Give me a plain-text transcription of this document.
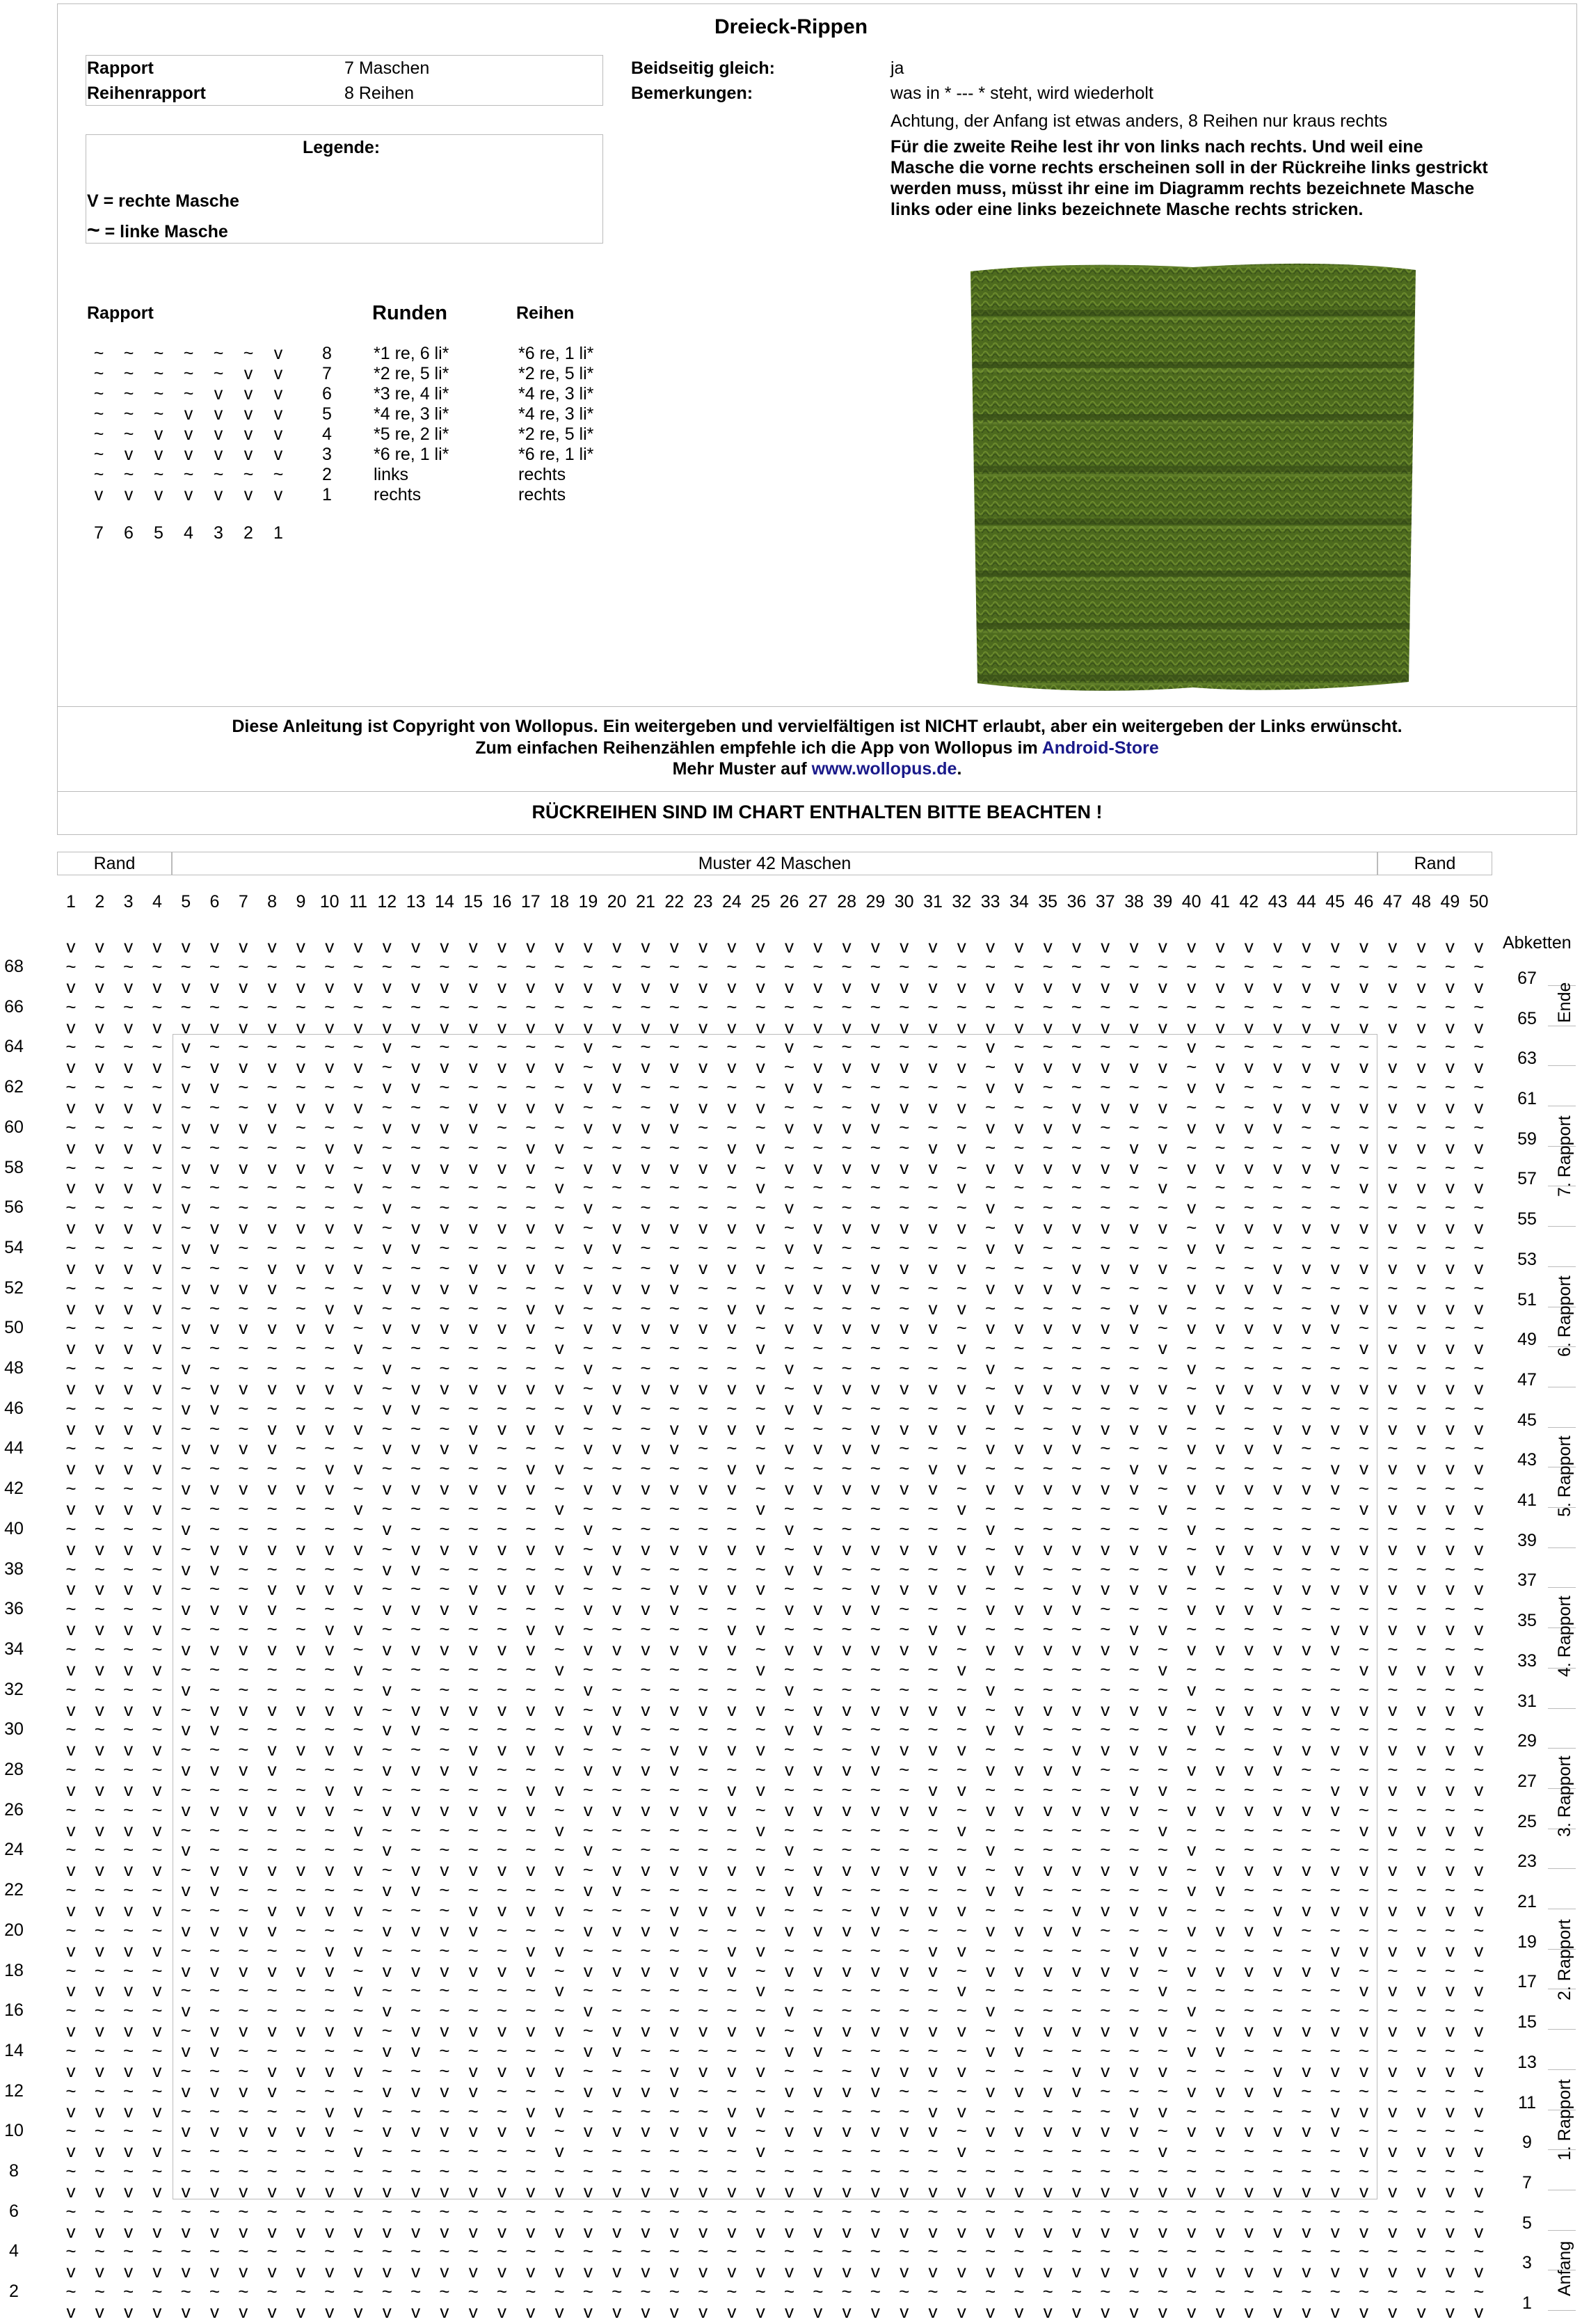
Dreieck-Rippen
Rapport	7 Maschen
Reihenrapport	8 Reihen
Beidseitig gleich:	ja
Bemerkungen:	was in * --- * steht, wird wiederholt
Achtung, der Anfang ist etwas anders, 8 Reihen nur kraus rechts
Für die zweite Reihe lest ihr von links nach rechts. Und weil eine Masche die vorne rechts erscheinen soll in der Rückreihe links gestrickt werden muss, müsst ihr eine im Diagramm rechts bezeichnete Masche links oder eine links bezeichnete Masche rechts stricken.
Legende:
V = rechte Masche
~ = linke Masche
Rapport	Runden	Reihen
~	~	~	~	~	~	v	8 *1 re, 6 li*	*6 re, 1 li*
~	~	~	~	~	v	v	7 *2 re, 5 li*	*2 re, 5 li*
~	~	~	~	v	v	v	6 *3 re, 4 li*	*4 re, 3 li*
~	~	~	v	v	v	v	5 *4 re, 3 li*	*4 re, 3 li*
~	~	v	v	v	v	v	4 *5 re, 2 li*	*2 re, 5 li*
~	v	v	v	v	v	v	3 *6 re, 1 li*	*6 re, 1 li*
~	~	~	~	~	~	~	2 links	rechts
v	v	v	v	v	v	v	1 rechts	rechts
7	6	5	4	3	2	1
Diese Anleitung ist Copyright von Wollopus. Ein weitergeben und vervielfältigen ist NICHT erlaubt, aber ein weitergeben der Links erwünscht.
Zum einfachen Reihenzählen empfehle ich die App von Wollopus im Android-Store
Mehr Muster auf www.wollopus.de.
RÜCKREIHEN SIND IM CHART ENTHALTEN BITTE BEACHTEN !
Rand	Muster 42 Maschen	Rand
Abketten
1	2	3	4	5	6	7	8	9 10 11 12 13 14 15 16 17 18 19 20 21 22 23 24 25 26 27 28 29 30 31 32 33 34 35 36 37 38 39 40 41 42 43 44 45 46 47 48 49 50
v	v	v	v	v	v	v	v	v	v	v	v	v	v	v	v	v	v	v	v	v	v	v	v	v	v	v	v	v	v	v	v	v	v	v	v	v	v	v	v	v	v	v	v	v	v	v	v	v	v	1
~	~	~	~	~	~	~	~	~	~	~	~	~	~	~	~	~	~	~	~	~	~	~	~	~	~	~	~	~	~	~	~	~	~	~	~	~	~	~	~	~	~	~	~	~	~	~	~	~	~
2
v	v	v	v	v	v	v	v	v	v	v	v	v	v	v	v	v	v	v	v	v	v	v	v	v	v	v	v	v	v	v	v	v	v	v	v	v	v	v	v	v	v	v	v	v	v	v	v	v	v	3
~	~	~	~	~	~	~	~	~	~	~	~	~	~	~	~	~	~	~	~	~	~	~	~	~	~	~	~	~	~	~	~	~	~	~	~	~	~	~	~	~	~	~	~	~	~	~	~	~	~
4
v	v	v	v	v	v	v	v	v	v	v	v	v	v	v	v	v	v	v	v	v	v	v	v	v	v	v	v	v	v	v	v	v	v	v	v	v	v	v	v	v	v	v	v	v	v	v	v	v	v	5
~	~	~	~	~	~	~	~	~	~	~	~	~	~	~	~	~	~	~	~	~	~	~	~	~	~	~	~	~	~	~	~	~	~	~	~	~	~	~	~	~	~	~	~	~	~	~	~	~	~
6
v	v	v	v	v	v	v	v	v	v	v	v	v	v	v	v	v	v	v	v	v	v	v	v	v	v	v	v	v	v	v	v	v	v	v	v	v	v	v	v	v	v	v	v	v	v	v	v	v	v	7
~	~	~	~	~	~	~	~	~	~	~	~	~	~	~	~	~	~	~	~	~	~	~	~	~	~	~	~	~	~	~	~	~	~	~	~	~	~	~	~	~	~	~	~	~	~	~	~	~	~
8
v	v	v	v	~	~	~	~	~	~	v	~	~	~	~	~	~	v	~	~	~	~	~	~	v	~	~	~	~	~	~	v	~	~	~	~	~	~	v	~	~	~	~	~	~	v	v	v	v	v	9
~	~	~	~	v	v	v	v	v	v	~	v	v	v	v	v	v	~	v	v	v	v	v	v	~	v	v	v	v	v	v	~	v	v	v	v	v	v	~	v	v	v	v	v	v	~	~	~	~	~
10
v	v	v	v	~	~	~	~	~	v	v	~	~	~	~	~	v	v	~	~	~	~	~	v	v	~	~	~	~	~	v	v	~	~	~	~	~	v	v	~	~	~	~	~	v	v	v	v	v	v	11
~	~	~	~	v	v	v	v	~	~	~	v	v	v	v	~	~	~	v	v	v	v	~	~	~	v	v	v	v	~	~	~	v	v	v	v	~	~	~	v	v	v	v	~	~	~	~	~	~	~
12
v	v	v	v	~	~	~	v	v	v	v	~	~	~	v	v	v	v	~	~	~	v	v	v	v	~	~	~	v	v	v	v	~	~	~	v	v	v	v	~	~	~	v	v	v	v	v	v	v	v	13
~	~	~	~	v	v	~	~	~	~	~	v	v	~	~	~	~	~	v	v	~	~	~	~	~	v	v	~	~	~	~	~	v	v	~	~	~	~	~	v	v	~	~	~	~	~	~	~	~	~
14
v	v	v	v	~	v	v	v	v	v	v	~	v	v	v	v	v	v	~	v	v	v	v	v	v	~	v	v	v	v	v	v	~	v	v	v	v	v	v	~	v	v	v	v	v	v	v	v	v	v	15
~	~	~	~	v	~	~	~	~	~	~	v	~	~	~	~	~	~	v	~	~	~	~	~	~	v	~	~	~	~	~	~	v	~	~	~	~	~	~	v	~	~	~	~	~	~	~	~	~	~
16
v	v	v	v	~	~	~	~	~	~	v	~	~	~	~	~	~	v	~	~	~	~	~	~	v	~	~	~	~	~	~	v	~	~	~	~	~	~	v	~	~	~	~	~	~	v	v	v	v	v	17
~	~	~	~	v	v	v	v	v	v	~	v	v	v	v	v	v	~	v	v	v	v	v	v	~	v	v	v	v	v	v	~	v	v	v	v	v	v	~	v	v	v	v	v	v	~	~	~	~	~
18
v	v	v	v	~	~	~	~	~	v	v	~	~	~	~	~	v	v	~	~	~	~	~	v	v	~	~	~	~	~	v	v	~	~	~	~	~	v	v	~	~	~	~	~	v	v	v	v	v	v	19
~	~	~	~	v	v	v	v	~	~	~	v	v	v	v	~	~	~	v	v	v	v	~	~	~	v	v	v	v	~	~	~	v	v	v	v	~	~	~	v	v	v	v	~	~	~	~	~	~	~
20
v	v	v	v	~	~	~	v	v	v	v	~	~	~	v	v	v	v	~	~	~	v	v	v	v	~	~	~	v	v	v	v	~	~	~	v	v	v	v	~	~	~	v	v	v	v	v	v	v	v	21
~	~	~	~	v	v	~	~	~	~	~	v	v	~	~	~	~	~	v	v	~	~	~	~	~	v	v	~	~	~	~	~	v	v	~	~	~	~	~	v	v	~	~	~	~	~	~	~	~	~
22
v	v	v	v	~	v	v	v	v	v	v	~	v	v	v	v	v	v	~	v	v	v	v	v	v	~	v	v	v	v	v	v	~	v	v	v	v	v	v	~	v	v	v	v	v	v	v	v	v	v	23
~	~	~	~	v	~	~	~	~	~	~	v	~	~	~	~	~	~	v	~	~	~	~	~	~	v	~	~	~	~	~	~	v	~	~	~	~	~	~	v	~	~	~	~	~	~	~	~	~	~
24
v	v	v	v	~	~	~	~	~	~	v	~	~	~	~	~	~	v	~	~	~	~	~	~	v	~	~	~	~	~	~	v	~	~	~	~	~	~	v	~	~	~	~	~	~	v	v	v	v	v	25
~	~	~	~	v	v	v	v	v	v	~	v	v	v	v	v	v	~	v	v	v	v	v	v	~	v	v	v	v	v	v	~	v	v	v	v	v	v	~	v	v	v	v	v	v	~	~	~	~	~
26
v	v	v	v	~	~	~	~	~	v	v	~	~	~	~	~	v	v	~	~	~	~	~	v	v	~	~	~	~	~	v	v	~	~	~	~	~	v	v	~	~	~	~	~	v	v	v	v	v	v	27
~	~	~	~	v	v	v	v	~	~	~	v	v	v	v	~	~	~	v	v	v	v	~	~	~	v	v	v	v	~	~	~	v	v	v	v	~	~	~	v	v	v	v	~	~	~	~	~	~	~
28
v	v	v	v	~	~	~	v	v	v	v	~	~	~	v	v	v	v	~	~	~	v	v	v	v	~	~	~	v	v	v	v	~	~	~	v	v	v	v	~	~	~	v	v	v	v	v	v	v	v	29
~	~	~	~	v	v	~	~	~	~	~	v	v	~	~	~	~	~	v	v	~	~	~	~	~	v	v	~	~	~	~	~	v	v	~	~	~	~	~	v	v	~	~	~	~	~	~	~	~	~
30
v	v	v	v	~	v	v	v	v	v	v	~	v	v	v	v	v	v	~	v	v	v	v	v	v	~	v	v	v	v	v	v	~	v	v	v	v	v	v	~	v	v	v	v	v	v	v	v	v	v	31
~	~	~	~	v	~	~	~	~	~	~	v	~	~	~	~	~	~	v	~	~	~	~	~	~	v	~	~	~	~	~	~	v	~	~	~	~	~	~	v	~	~	~	~	~	~	~	~	~	~
32
v	v	v	v	~	~	~	~	~	~	v	~	~	~	~	~	~	v	~	~	~	~	~	~	v	~	~	~	~	~	~	v	~	~	~	~	~	~	v	~	~	~	~	~	~	v	v	v	v	v	33
~	~	~	~	v	v	v	v	v	v	~	v	v	v	v	v	v	~	v	v	v	v	v	v	~	v	v	v	v	v	v	~	v	v	v	v	v	v	~	v	v	v	v	v	v	~	~	~	~	~
34
v	v	v	v	~	~	~	~	~	v	v	~	~	~	~	~	v	v	~	~	~	~	~	v	v	~	~	~	~	~	v	v	~	~	~	~	~	v	v	~	~	~	~	~	v	v	v	v	v	v	35
~	~	~	~	v	v	v	v	~	~	~	v	v	v	v	~	~	~	v	v	v	v	~	~	~	v	v	v	v	~	~	~	v	v	v	v	~	~	~	v	v	v	v	~	~	~	~	~	~	~
36
v	v	v	v	~	~	~	v	v	v	v	~	~	~	v	v	v	v	~	~	~	v	v	v	v	~	~	~	v	v	v	v	~	~	~	v	v	v	v	~	~	~	v	v	v	v	v	v	v	v	37
~	~	~	~	v	v	~	~	~	~	~	v	v	~	~	~	~	~	v	v	~	~	~	~	~	v	v	~	~	~	~	~	v	v	~	~	~	~	~	v	v	~	~	~	~	~	~	~	~	~
38
v	v	v	v	~	v	v	v	v	v	v	~	v	v	v	v	v	v	~	v	v	v	v	v	v	~	v	v	v	v	v	v	~	v	v	v	v	v	v	~	v	v	v	v	v	v	v	v	v	v	39
~	~	~	~	v	~	~	~	~	~	~	v	~	~	~	~	~	~	v	~	~	~	~	~	~	v	~	~	~	~	~	~	v	~	~	~	~	~	~	v	~	~	~	~	~	~	~	~	~	~
40
v	v	v	v	~	~	~	~	~	~	v	~	~	~	~	~	~	v	~	~	~	~	~	~	v	~	~	~	~	~	~	v	~	~	~	~	~	~	v	~	~	~	~	~	~	v	v	v	v	v	41
~	~	~	~	v	v	v	v	v	v	~	v	v	v	v	v	v	~	v	v	v	v	v	v	~	v	v	v	v	v	v	~	v	v	v	v	v	v	~	v	v	v	v	v	v	~	~	~	~	~
42
v	v	v	v	~	~	~	~	~	v	v	~	~	~	~	~	v	v	~	~	~	~	~	v	v	~	~	~	~	~	v	v	~	~	~	~	~	v	v	~	~	~	~	~	v	v	v	v	v	v	43
~	~	~	~	v	v	v	v	~	~	~	v	v	v	v	~	~	~	v	v	v	v	~	~	~	v	v	v	v	~	~	~	v	v	v	v	~	~	~	v	v	v	v	~	~	~	~	~	~	~
44
v	v	v	v	~	~	~	v	v	v	v	~	~	~	v	v	v	v	~	~	~	v	v	v	v	~	~	~	v	v	v	v	~	~	~	v	v	v	v	~	~	~	v	v	v	v	v	v	v	v	45
~	~	~	~	v	v	~	~	~	~	~	v	v	~	~	~	~	~	v	v	~	~	~	~	~	v	v	~	~	~	~	~	v	v	~	~	~	~	~	v	v	~	~	~	~	~	~	~	~	~
46
v	v	v	v	~	v	v	v	v	v	v	~	v	v	v	v	v	v	~	v	v	v	v	v	v	~	v	v	v	v	v	v	~	v	v	v	v	v	v	~	v	v	v	v	v	v	v	v	v	v	47
~	~	~	~	v	~	~	~	~	~	~	v	~	~	~	~	~	~	v	~	~	~	~	~	~	v	~	~	~	~	~	~	v	~	~	~	~	~	~	v	~	~	~	~	~	~	~	~	~	~
48
v	v	v	v	~	~	~	~	~	~	v	~	~	~	~	~	~	v	~	~	~	~	~	~	v	~	~	~	~	~	~	v	~	~	~	~	~	~	v	~	~	~	~	~	~	v	v	v	v	v	49
~	~	~	~	v	v	v	v	v	v	~	v	v	v	v	v	v	~	v	v	v	v	v	v	~	v	v	v	v	v	v	~	v	v	v	v	v	v	~	v	v	v	v	v	v	~	~	~	~	~
50
v	v	v	v	~	~	~	~	~	v	v	~	~	~	~	~	v	v	~	~	~	~	~	v	v	~	~	~	~	~	v	v	~	~	~	~	~	v	v	~	~	~	~	~	v	v	v	v	v	v	51
~	~	~	~	v	v	v	v	~	~	~	v	v	v	v	~	~	~	v	v	v	v	~	~	~	v	v	v	v	~	~	~	v	v	v	v	~	~	~	v	v	v	v	~	~	~	~	~	~	~
52
v	v	v	v	~	~	~	v	v	v	v	~	~	~	v	v	v	v	~	~	~	v	v	v	v	~	~	~	v	v	v	v	~	~	~	v	v	v	v	~	~	~	v	v	v	v	v	v	v	v	53
~	~	~	~	v	v	~	~	~	~	~	v	v	~	~	~	~	~	v	v	~	~	~	~	~	v	v	~	~	~	~	~	v	v	~	~	~	~	~	v	v	~	~	~	~	~	~	~	~	~
54
v	v	v	v	~	v	v	v	v	v	v	~	v	v	v	v	v	v	~	v	v	v	v	v	v	~	v	v	v	v	v	v	~	v	v	v	v	v	v	~	v	v	v	v	v	v	v	v	v	v	55
~	~	~	~	v	~	~	~	~	~	~	v	~	~	~	~	~	~	v	~	~	~	~	~	~	v	~	~	~	~	~	~	v	~	~	~	~	~	~	v	~	~	~	~	~	~	~	~	~	~
56
v	v	v	v	~	~	~	~	~	~	v	~	~	~	~	~	~	v	~	~	~	~	~	~	v	~	~	~	~	~	~	v	~	~	~	~	~	~	v	~	~	~	~	~	~	v	v	v	v	v	57
~	~	~	~	v	v	v	v	v	v	~	v	v	v	v	v	v	~	v	v	v	v	v	v	~	v	v	v	v	v	v	~	v	v	v	v	v	v	~	v	v	v	v	v	v	~	~	~	~	~
58
v	v	v	v	~	~	~	~	~	v	v	~	~	~	~	~	v	v	~	~	~	~	~	v	v	~	~	~	~	~	v	v	~	~	~	~	~	v	v	~	~	~	~	~	v	v	v	v	v	v	59
~	~	~	~	v	v	v	v	~	~	~	v	v	v	v	~	~	~	v	v	v	v	~	~	~	v	v	v	v	~	~	~	v	v	v	v	~	~	~	v	v	v	v	~	~	~	~	~	~	~
60
v	v	v	v	~	~	~	v	v	v	v	~	~	~	v	v	v	v	~	~	~	v	v	v	v	~	~	~	v	v	v	v	~	~	~	v	v	v	v	~	~	~	v	v	v	v	v	v	v	v	61
~	~	~	~	v	v	~	~	~	~	~	v	v	~	~	~	~	~	v	v	~	~	~	~	~	v	v	~	~	~	~	~	v	v	~	~	~	~	~	v	v	~	~	~	~	~	~	~	~	~
62
v	v	v	v	~	v	v	v	v	v	v	~	v	v	v	v	v	v	~	v	v	v	v	v	v	~	v	v	v	v	v	v	~	v	v	v	v	v	v	~	v	v	v	v	v	v	v	v	v	v	63
~	~	~	~	v	~	~	~	~	~	~	v	~	~	~	~	~	~	v	~	~	~	~	~	~	v	~	~	~	~	~	~	v	~	~	~	~	~	~	v	~	~	~	~	~	~	~	~	~	~
64
v	v	v	v	v	v	v	v	v	v	v	v	v	v	v	v	v	v	v	v	v	v	v	v	v	v	v	v	v	v	v	v	v	v	v	v	v	v	v	v	v	v	v	v	v	v	v	v	v	v	65
~	~	~	~	~	~	~	~	~	~	~	~	~	~	~	~	~	~	~	~	~	~	~	~	~	~	~	~	~	~	~	~	~	~	~	~	~	~	~	~	~	~	~	~	~	~	~	~	~	~
66
v	v	v	v	v	v	v	v	v	v	v	v	v	v	v	v	v	v	v	v	v	v	v	v	v	v	v	v	v	v	v	v	v	v	v	v	v	v	v	v	v	v	v	v	v	v	v	v	v	v	67
~	~	~	~	~	~	~	~	~	~	~	~	~	~	~	~	~	~	~	~	~	~	~	~	~	~	~	~	~	~	~	~	~	~	~	~	~	~	~	~	~	~	~	~	~	~	~	~	~	~
68
v	v	v	v	v	v	v	v	v	v	v	v	v	v	v	v	v	v	v	v	v	v	v	v	v	v	v	v	v	v	v	v	v	v	v	v	v	v	v	v	v	v	v	v	v	v	v	v	v	v
Ende
7. Rapport
6. Rapport
5. Rapport
4. Rapport
3. Rapport
2. Rapport
1. Rapport
Anfang
